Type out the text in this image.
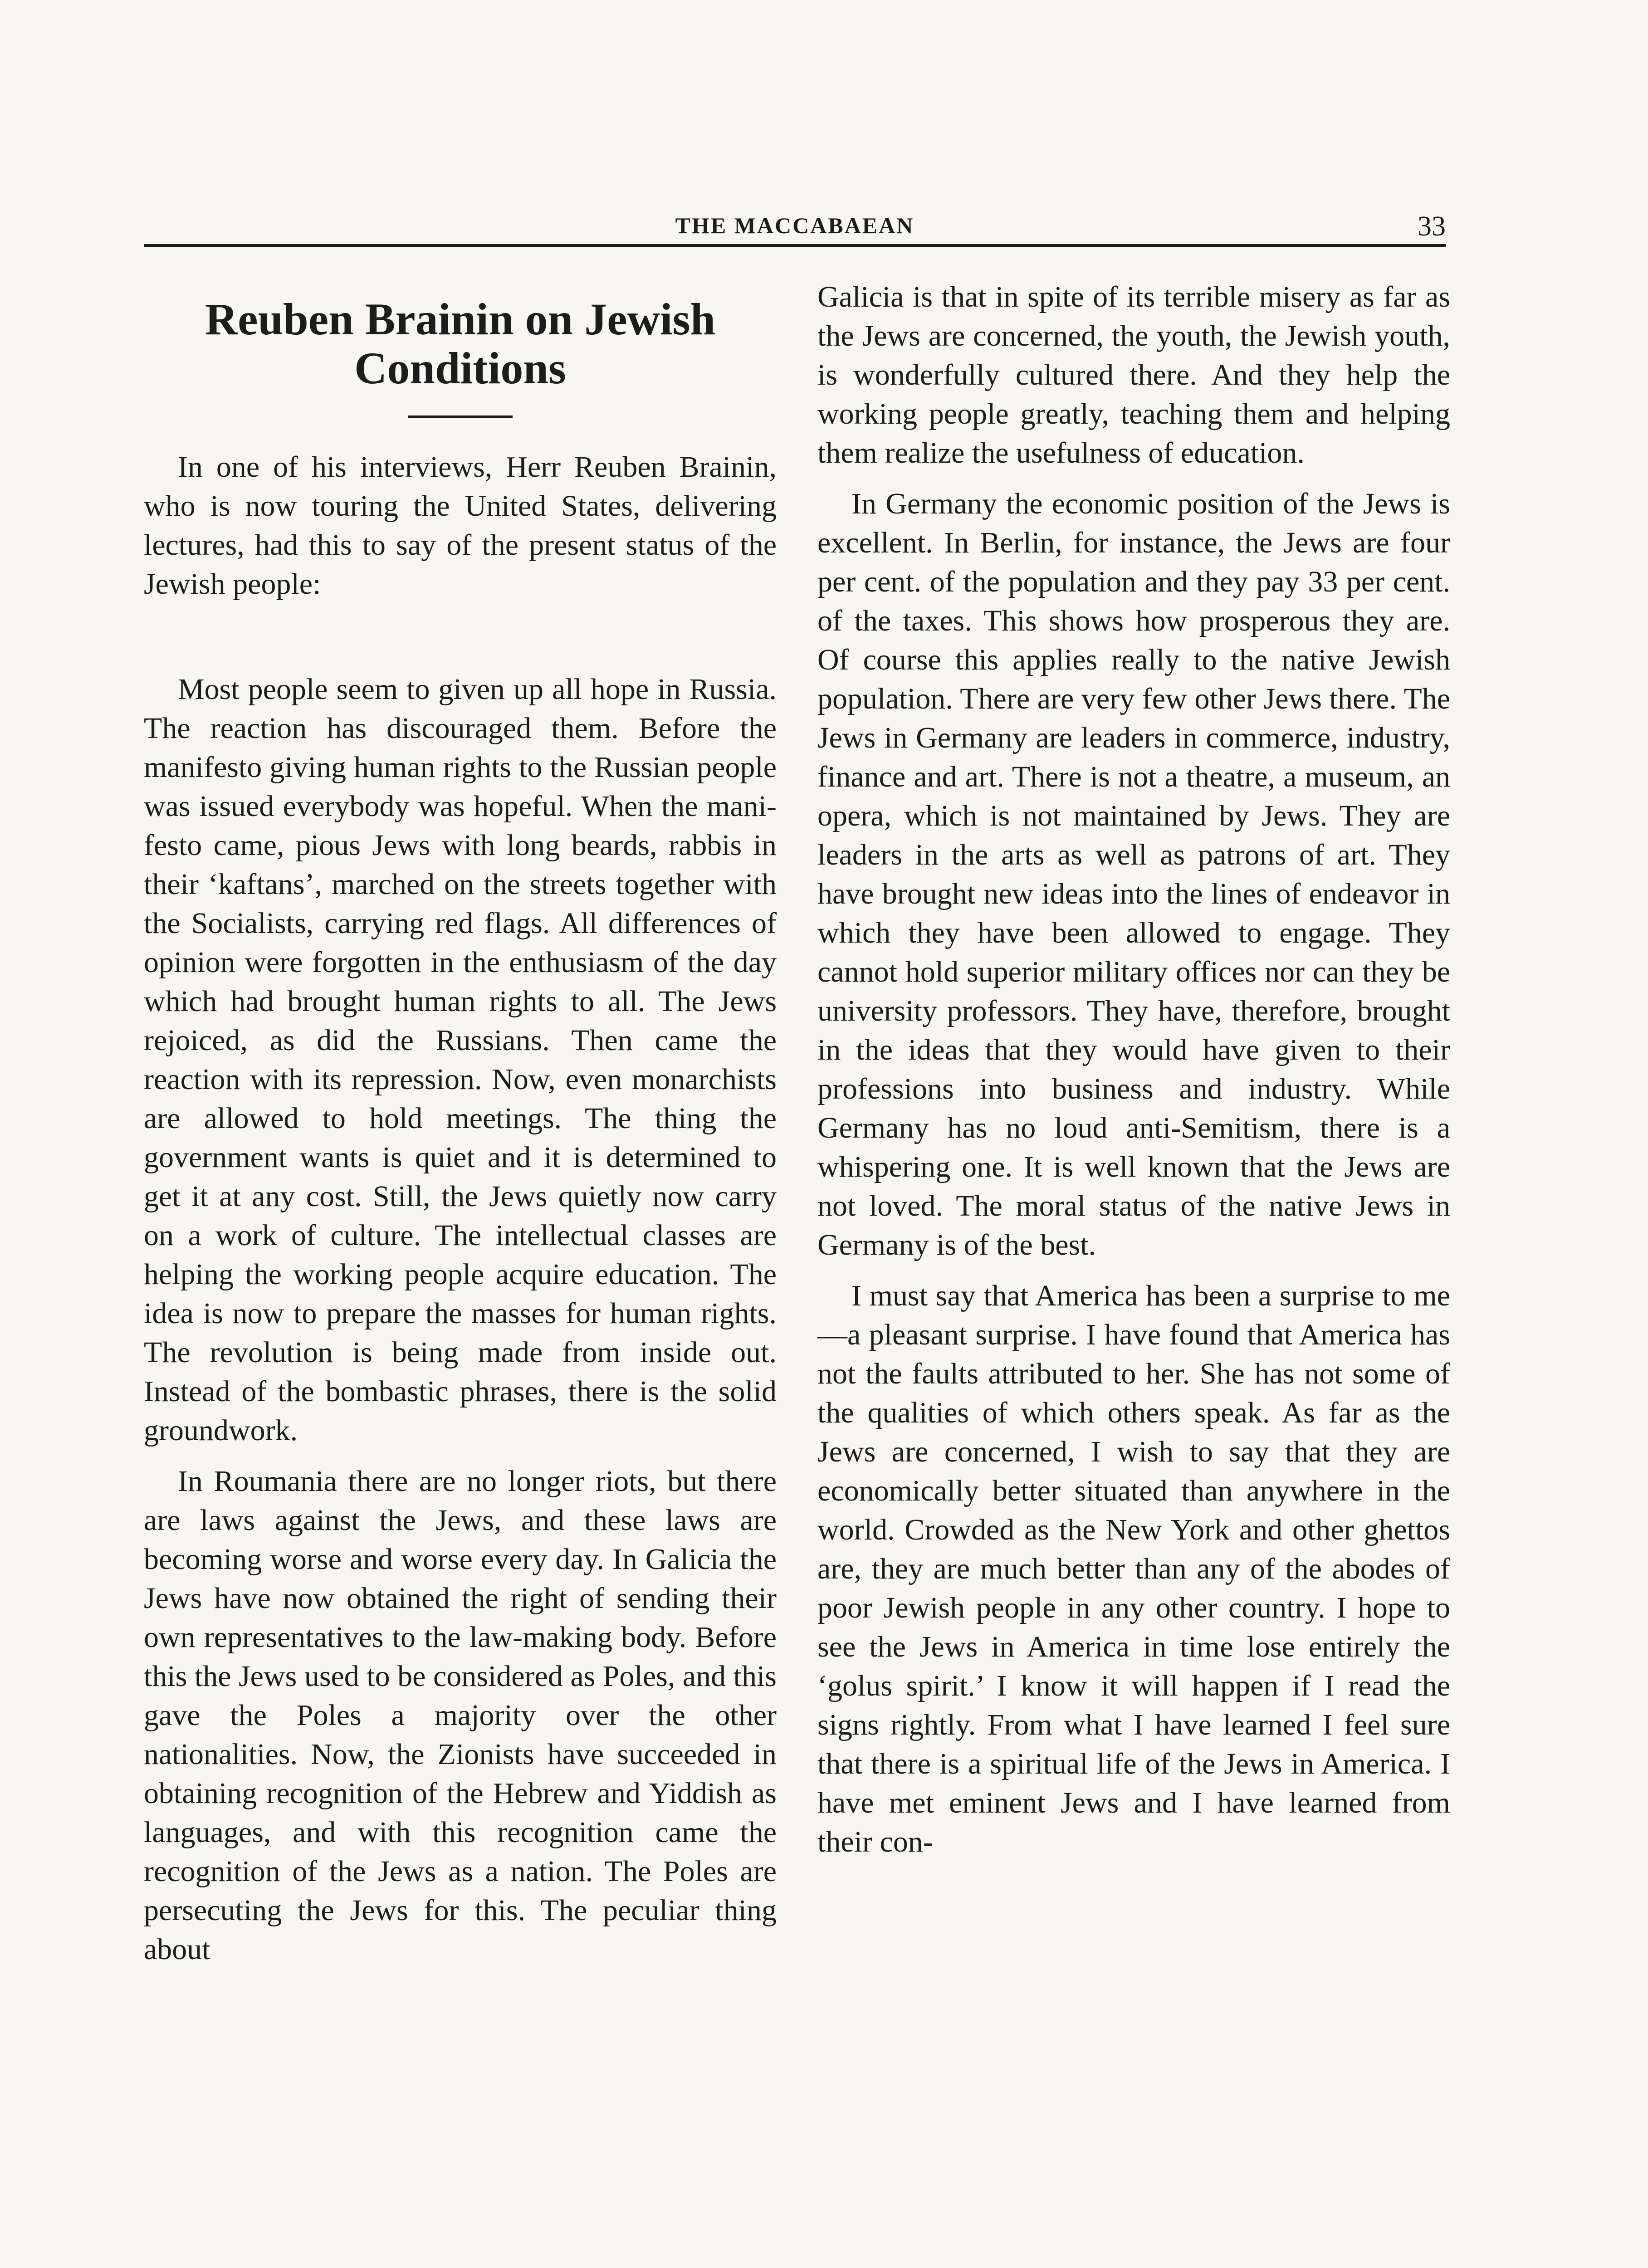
THE MACCABAEAN	33
Reuben Brainin on Jewish
Conditions

In one of his interviews, Herr Reuben Brainin, who is now touring the United States, delivering lectures, had this to say of the present status of the Jewish people:

Most people seem to given up all hope in Russia. The reaction has discouraged them. Before the manifesto giving human rights to the Russian people was issued everybody was hopeful. When the manifesto came, pious Jews with long beards, rabbis in their ‘kaftans’, marched on the streets together with the Socialists, carrying red flags. All differences of opinion were forgotten in the enthusiasm of the day which had brought human rights to all. The Jews rejoiced, as did the Russians. Then came the reaction with its repression. Now, even monarchists are allowed to hold meetings. The thing the government wants is quiet and it is determined to get it at any cost. Still, the Jews quietly now carry on a work of culture. The intellectual classes are helping the working people acquire education. The idea is now to prepare the masses for human rights. The revolution is being made from inside out. Instead of the bombastic phrases, there is the solid groundwork.

In Roumania there are no longer riots, but there are laws against the Jews, and these laws are becoming worse and worse every day. In Galicia the Jews have now obtained the right of sending their own representatives to the law-making body. Before this the Jews used to be considered as Poles, and this gave the Poles a majority over the other nationalities. Now, the Zionists have succeeded in obtaining recognition of the Hebrew and Yiddish as languages, and with this recognition came the recognition of the Jews as a nation. The Poles are persecuting the Jews for this. The peculiar thing about

Galicia is that in spite of its terrible misery as far as the Jews are concerned, the youth, the Jewish youth, is wonderfully cultured there. And they help the working people greatly, teaching them and helping them realize the usefulness of education.

In Germany the economic position of the Jews is excellent. In Berlin, for instance, the Jews are four per cent. of the population and they pay 33 per cent. of the taxes. This shows how prosperous they are. Of course this applies really to the native Jewish population. There are very few other Jews there. The Jews in Germany are leaders in commerce, industry, finance and art. There is not a theatre, a museum, an opera, which is not maintained by Jews. They are leaders in the arts as well as patrons of art. They have brought new ideas into the lines of endeavor in which they have been allowed to engage. They cannot hold superior military offices nor can they be university professors. They have, therefore, brought in the ideas that they would have given to their professions into business and industry. While Germany has no loud anti-Semitism, there is a whispering one. It is well known that the Jews are not loved. The moral status of the native Jews in Germany is of the best.

I must say that America has been a surprise to me—a pleasant surprise. I have found that America has not the faults attributed to her. She has not some of the qualities of which others speak. As far as the Jews are concerned, I wish to say that they are economically better situated than anywhere in the world. Crowded as the New York and other ghettos are, they are much better than any of the abodes of poor Jewish people in any other country. I hope to see the Jews in America in time lose entirely the ‘golus spirit.’ I know it will happen if I read the signs rightly. From what I have learned I feel sure that there is a spiritual life of the Jews in America. I have met eminent Jews and I have learned from their con-
